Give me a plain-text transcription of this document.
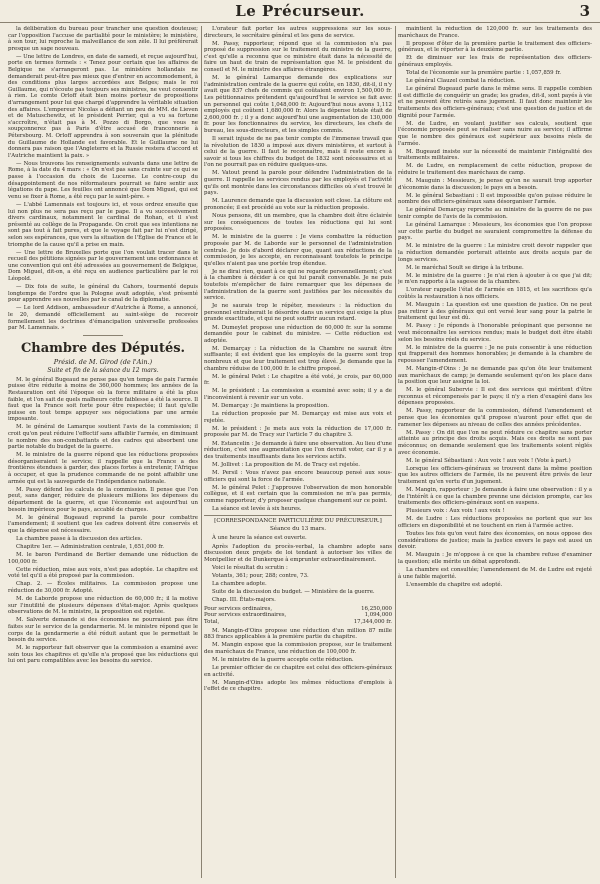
Le Précurseur.	3

la délibération du bureau pour trancher une question douteuse; car l'opposition l'accuse de partialité pour le ministère; le ministère, à son tour, lui reproche la malveillance de son zèle. Il lui préférerait presque un sage nouveau.

— Une lettre de Londres, en date de samedi, et reçue aujourd'hui, porte en termes formels : « Tenez pour certain que les affaires de Belgique ne s'arrangeront pas. Le ministère hollandais ne demanderait peut-être pas mieux que d'entrer en accommodement, à des conditions plus larges accordées aux Belges; mais le roi Guillaume, qui n'écoute pas toujours ses ministres, ne veut consentir à rien. Le comte Orloff était bien moins porteur de propositions d'arrangement pour lui que chargé d'apprendre la véritable situation des affaires. L'empereur Nicolas a défiant un peu de MM. de Lieven et de Matuschewitz, et le président Perrier, qui a vu sa fortune s'accroître, n'était pas à M. Pozzo di Borgo, que vous ne soupçonnerez pas à Paris d'être accusé de franconnerie à Pétersbourg. M. Orloff apprendra à son souverain que la plénitude du Guillaume de Hollande est favorable. Et le Guillaume ne lui donnera pas raison que l'Angleterre et la Russie restera d'accord et l'Autriche maintient la paix. »

— Nous trouvons les renseignements suivants dans une lettre de Rome, à la date du 4 mars : « On n'est pas sans crainte sur ce qui se passe à l'occasion du choix de Lucerne. Le contre-coup du désappointement de nos réformateurs pourrait se faire sentir aux légations du pape. Les feuilles ont annoncé que Dom Miguel, qui est venu se fixer à Rome, a été reçu par le saint-père. »

— L'abbé Lamennais est toujours ici, et vous ordrez ensuite que lui non plus ne sera pas reçu par le pape. Il a vu successivement divers cardinaux, notamment le cardinal de Rohan, et il s'est présenté au collège de la Propagande. On croit que ses intentions ne sont pas tout à fait pures, et que le voyage fait par lui n'est dirigé, selon ses espérances, que vers la situation de l'Église de France et le triomphe de la cause qu'il a prise en main.

— Une lettre de Bruxelles porte que l'on voulait tracer dans le recueil des pétitions signées par le gouvernement une ordonnance et une convention qui ont été adressées au gouvernement de Belgique, Dom Miguel, dit-on, a été reçu en audience particulière par le roi Léopold.

— Dix fois de suite, le général du Cahors, tourmenté depuis longtemps de l'ordre que la Pologne avait adoptée, s'est présenté pour apprendre ses nouvelles par le canal de la diplomatie.

— Le lord Addison, ambassadeur d'Autriche à Rome, a annoncé, le 20, demandé officiellement au saint-siège de recevoir formellement les doctrines d'émancipation universelle professées par M. Lamennais. »

Chambre des Députés.
Présid. de M. Girod (de l'Ain.)
Suite et fin de la séance du 12 mars.

M. le général Bugeaud ne pense pas qu'en temps de paix l'armée puisse être réduite à moins de 360,000 hommes; les années de la Restauration ont été l'époque où la force militaire a été la plus faible, et l'on sait de quels malheurs cette faiblesse a été la source. Il faut que la France soit forte pour être respectée; il faut qu'elle puisse en tout temps appuyer ses négociations par une armée imposante.

M. le général de Lamarque soutient l'avis de la commission; il croit qu'on peut réduire l'effectif sans affaiblir l'armée, en diminuant le nombre des non-combattants et des cadres qui absorbent une partie notable du budget de la guerre.

M. le ministre de la guerre répond que les réductions proposées désorganiseraient le service; il rappelle que la France a des frontières étendues à garder, des places fortes à entretenir, l'Afrique à occuper, et que la prudence commande de ne point affaiblir une armée qui est la sauvegarde de l'indépendance nationale.

M. Passy défend les calculs de la commission. Il pense que l'on peut, sans danger, réduire de plusieurs millions les dépenses du département de la guerre, et que l'économie est aujourd'hui un besoin impérieux pour le pays, accablé de charges.

M. le général Bugeaud reprend la parole pour combattre l'amendement; il soutient que les cadres doivent être conservés et que la dépense est nécessaire.

La chambre passe à la discussion des articles.

Chapitre 1er. — Administration centrale, 1,651,000 fr.

M. le baron Ferdinand de Bertier demande une réduction de 100,000 fr.

Cette réduction, mise aux voix, n'est pas adoptée. Le chapitre est voté tel qu'il a été proposé par la commission.

Chap. 2. — Écoles militaires. La commission propose une réduction de 30,000 fr. Adopté.

M. de Laborde propose une réduction de 60,000 fr.; il la motive sur l'inutilité de plusieurs dépenses d'état-major. Après quelques observations de M. le ministre, la proposition est rejetée.

M. Salverte demande si des économies ne pourraient pas être faites sur le service de la gendarmerie. M. le ministre répond que le corps de la gendarmerie a été réduit autant que le permettait le besoin du service.

M. le rapporteur fait observer que la commission a examiné avec soin tous les chapitres et qu'elle n'a proposé que les réductions qui lui ont paru compatibles avec les besoins du service.

L'orateur fait porter les autres suppressions sur les sous-directeurs, le secrétaire général et les gens de service.

M. Passy, rapporteur, répond que si la commission n'a pas proposé de suppression sur le traitement du ministre de la guerre, c'est qu'elle a reconnu que ce ministre était dans la nécessité de faire un haut de train de représentation que M. le président du conseil et M. le ministre des affaires étrangères.

M. le général Lamarque demande des explications sur l'administration centrale de la guerre qui coûte, en 1830, dit-il, il n'y avait que 837 chefs de commis qui coûtaient environ 1,500,000 fr. Les pétitionnaires prétendent qu'aujourd'hui le service se fait avec un personnel qui coûte 1,048,000 fr. Aujourd'hui nous avons 1,112 employés qui coûtent 1,680,000 fr. Alors la dépense totale était de 2,600,000 fr. ; il y a donc aujourd'hui une augmentation de 130,000 fr. pour les fonctionnaires du service, les directeurs, les chefs de bureau, les sous-directeurs, et les simples commis.

Il serait injuste de ne pas tenir compte de l'immense travail que la révolution de 1830 a imposé aux divers ministères, et surtout à celui de la guerre. Il faut le reconnaître, mais il reste encore à savoir si tous les chiffres du budget de 1832 sont nécessaires et si l'on ne pourrait pas en réduire quelques-uns.

M. Vatout prend la parole pour défendre l'administration de la guerre. Il rappelle les services rendus par les employés et l'activité qu'ils ont montrée dans les circonstances difficiles où s'est trouvé le pays.

M. Laurence demande que la discussion soit close. La clôture est prononcée; il est procédé au vote sur la réduction proposée.

Nous pensons, dit un membre, que la chambre doit être éclairée sur les conséquences de toutes les réductions qui lui sont proposées.

M. le ministre de la guerre : Je viens combattre la réduction proposée par M. de Laborde sur le personnel de l'administration centrale. Je dois d'abord déclarer que, quant aux réductions de la commission, je les accepte, en reconnaissant toutefois le principe qu'elles n'aient pas une portée trop étendue.

Je ne dirai rien, quant à ce qui ne regarde personnellement; c'est à la chambre à décider à ce qui lui paraît convenable. Je ne puis toutefois m'empêcher de faire remarquer que les dépenses de l'administration de la guerre sont justifiées par les nécessités du service.

Je ne saurais trop le répéter, messieurs : la réduction du personnel entraînerait le désordre dans un service qui exige la plus grande exactitude, et qui ne peut souffrir aucun retard.

M. Dumeylet propose une réduction de 60,000 fr. sur la somme demandée pour le cabinet du ministre. — Cette réduction est adoptée.

M. Demarçay : La réduction de la Chambre ne saurait être suffisante; il est évident que les employés de la guerre sont trop nombreux et que leur traitement est trop élevé. Je demande que la chambre réduise de 100,000 fr. le chiffre proposé.

M. le général Pelet : Le chapitre a été voté, je crois, par 60,000 fr.

M. le président : La commission a examiné avec soin; il y a de l'inconvénient à revenir sur un vote.

M. Demarçay : Je maintiens la proposition.

La réduction proposée par M. Demarçay est mise aux voix et rejetée.

M. le président : Je mets aux voix la réduction de 17,000 fr. proposée par M. de Tracy sur l'article 7 du chapitre 3.

M. Estancelin : Je demande à faire une observation. Au lieu d'une réduction, c'est une augmentation que l'on devrait voter, car il y a des traitements insuffisants dans les services actifs.

M. Jollivet : La proposition de M. de Tracy est rejetée.

M. Persil : Vous n'avez pas encore beaucoup pensé aux sous-officiers qui sont la force de l'armée.

M. le général Pelet : J'approuve l'observation de mon honorable collègue, et il est certain que la commission ne m'a pas permis, comme rapporteur, d'y proposer quelque changement sur ce point.

La séance est levée à six heures.

[CORRESPONDANCE PARTICULIÈRE DU PRÉCURSEUR.]
Séance du 13 mars.

À une heure la séance est ouverte.

Après l'adoption du procès-verbal, la chambre adopte sans discussion deux projets de loi tendant à autoriser les villes de Montpellier et de Dunkerque à emprunter extraordinairement.

Voici le résultat du scrutin :

Votants, 361; pour, 288; contre, 73.

La chambre adopte.

Suite de la discussion du budget. — Ministère de la guerre.

Chap. III. États-majors.

Pour services ordinaires,	16,250,000
Pour services extraordinaires,	1,094,000
Total,	17,344,000 fr.

M. Mangin-d'Oins propose une réduction d'un million 87 mille 883 francs applicables à la première partie du chapitre.

M. Mangin expose que la commission propose, sur le traitement des maréchaux de France, une réduction de 100,000 fr.

M. le ministre de la guerre accepte cette réduction.

Le premier officier de ce chapitre est celui des officiers-généraux en activité.

M. Mangin-d'Oins adopte les mêmes réductions d'emplois à l'effet de ce chapitre.

maintient la réduction de 120,000 fr. sur les traitements des maréchaux de France.

Il propose d'ôter de la première partie le traitement des officiers-généraux, et le réporter à la deuxième partie.

Et de diminuer sur les frais de représentation des officiers-généraux employés.

Total de l'économie sur la première partie : 1,057,859 fr.

Le général Clauzel combat la réduction.

Le général Bugeaud parle dans le même sens. Il rappelle combien il est difficile de conquérir un grade; les grades, dit-il, sont payés à vie et ne peuvent être retirés sans jugement. Il faut donc maintenir les traitements des officiers-généraux; c'est une question de justice et de dignité pour l'armée.

M. de Ludre, en voulant justifier ses calculs, soutient que l'économie proposée peut se réaliser sans nuire au service; il affirme que le nombre des généraux est supérieur aux besoins réels de l'armée.

M. Bugeaud insiste sur la nécessité de maintenir l'intégralité des traitements militaires.

M. de Ludre, en remplacement de cette réduction, propose de réduire le traitement des maréchaux de camp.

M. Mauguin : Messieurs, je pense qu'on ne saurait trop apporter d'économie dans la discussion; le pays en a besoin.

M. le général Sebastiani : Il est impossible qu'on puisse réduire le nombre des officiers-généraux sans désorganiser l'armée.

Le général Demarçay reproche au ministre de la guerre de ne pas tenir compte de l'avis de la commission.

Le général Lamarque : Messieurs, les économies que l'on propose sur cette partie du budget ne sauraient compromettre la défense du pays.

M. le ministre de la guerre : Le ministre croit devoir rappeler que la réduction demandée porterait atteinte aux droits acquis par de longs services.

M. le maréchal Soult se dirige à la tribune.

M. le ministre de la guerre : Je n'ai rien à ajouter à ce que j'ai dit; je m'en rapporte à la sagesse de la chambre.

L'orateur rappelle l'état de l'armée en 1815, et les sacrifices qu'a coûtés la restauration à nos officiers.

M. Mauguin : La question est une question de justice. On ne peut pas retirer à des généraux qui ont versé leur sang pour la patrie le traitement qui leur est dû.

M. Passy : Je réponds à l'honorable préopinant que personne ne veut méconnaître les services rendus; mais le budget doit être établi selon les besoins réels du service.

M. le ministre de la guerre : Je ne puis consentir à une réduction qui frapperait des hommes honorables; je demande à la chambre de repousser l'amendement.

M. Mangin-d'Oins : Je ne demande pas qu'on ôte leur traitement aux maréchaux de camp; je demande seulement qu'on les place dans la position que leur assigne la loi.

M. le général Subervie : Il est des services qui méritent d'être reconnus et récompensés par le pays; il n'y a rien d'exagéré dans les dépenses proposées.

M. Passy, rapporteur de la commission, défend l'amendement et pense que les économies qu'il propose n'auront pour effet que de ramener les dépenses au niveau de celles des années précédentes.

M. Passy : On dit que l'on ne peut réduire ce chapitre sans porter atteinte au principe des droits acquis. Mais ces droits ne sont pas méconnus; on demande seulement que les traitements soient réglés avec économie.

M. le général Sébastiani : Aux voix ! aux voix ! (Vote à part.)

Lorsque les officiers-généraux se trouvent dans la même position que les autres officiers de l'armée, ils ne peuvent être privés de leur traitement qu'en vertu d'un jugement.

M. Mangin, rapporteur : Je demande à faire une observation : il y a de l'intérêt à ce que la chambre prenne une décision prompte, car les traitements des officiers-généraux sont en suspens.

Plusieurs voix : Aux voix ! aux voix !

M. de Ludre : Les réductions proposées ne portent que sur les officiers en disponibilité et ne touchent en rien à l'armée active.

Toutes les fois qu'on veut faire des économies, on nous oppose des considérations de justice; mais la justice envers le pays est aussi un devoir.

M. Mauguin : Je m'oppose à ce que la chambre refuse d'examiner la question; elle mérite un débat approfondi.

La chambre est consultée; l'amendement de M. de Ludre est rejeté à une faible majorité.

L'ensemble du chapitre est adopté.
